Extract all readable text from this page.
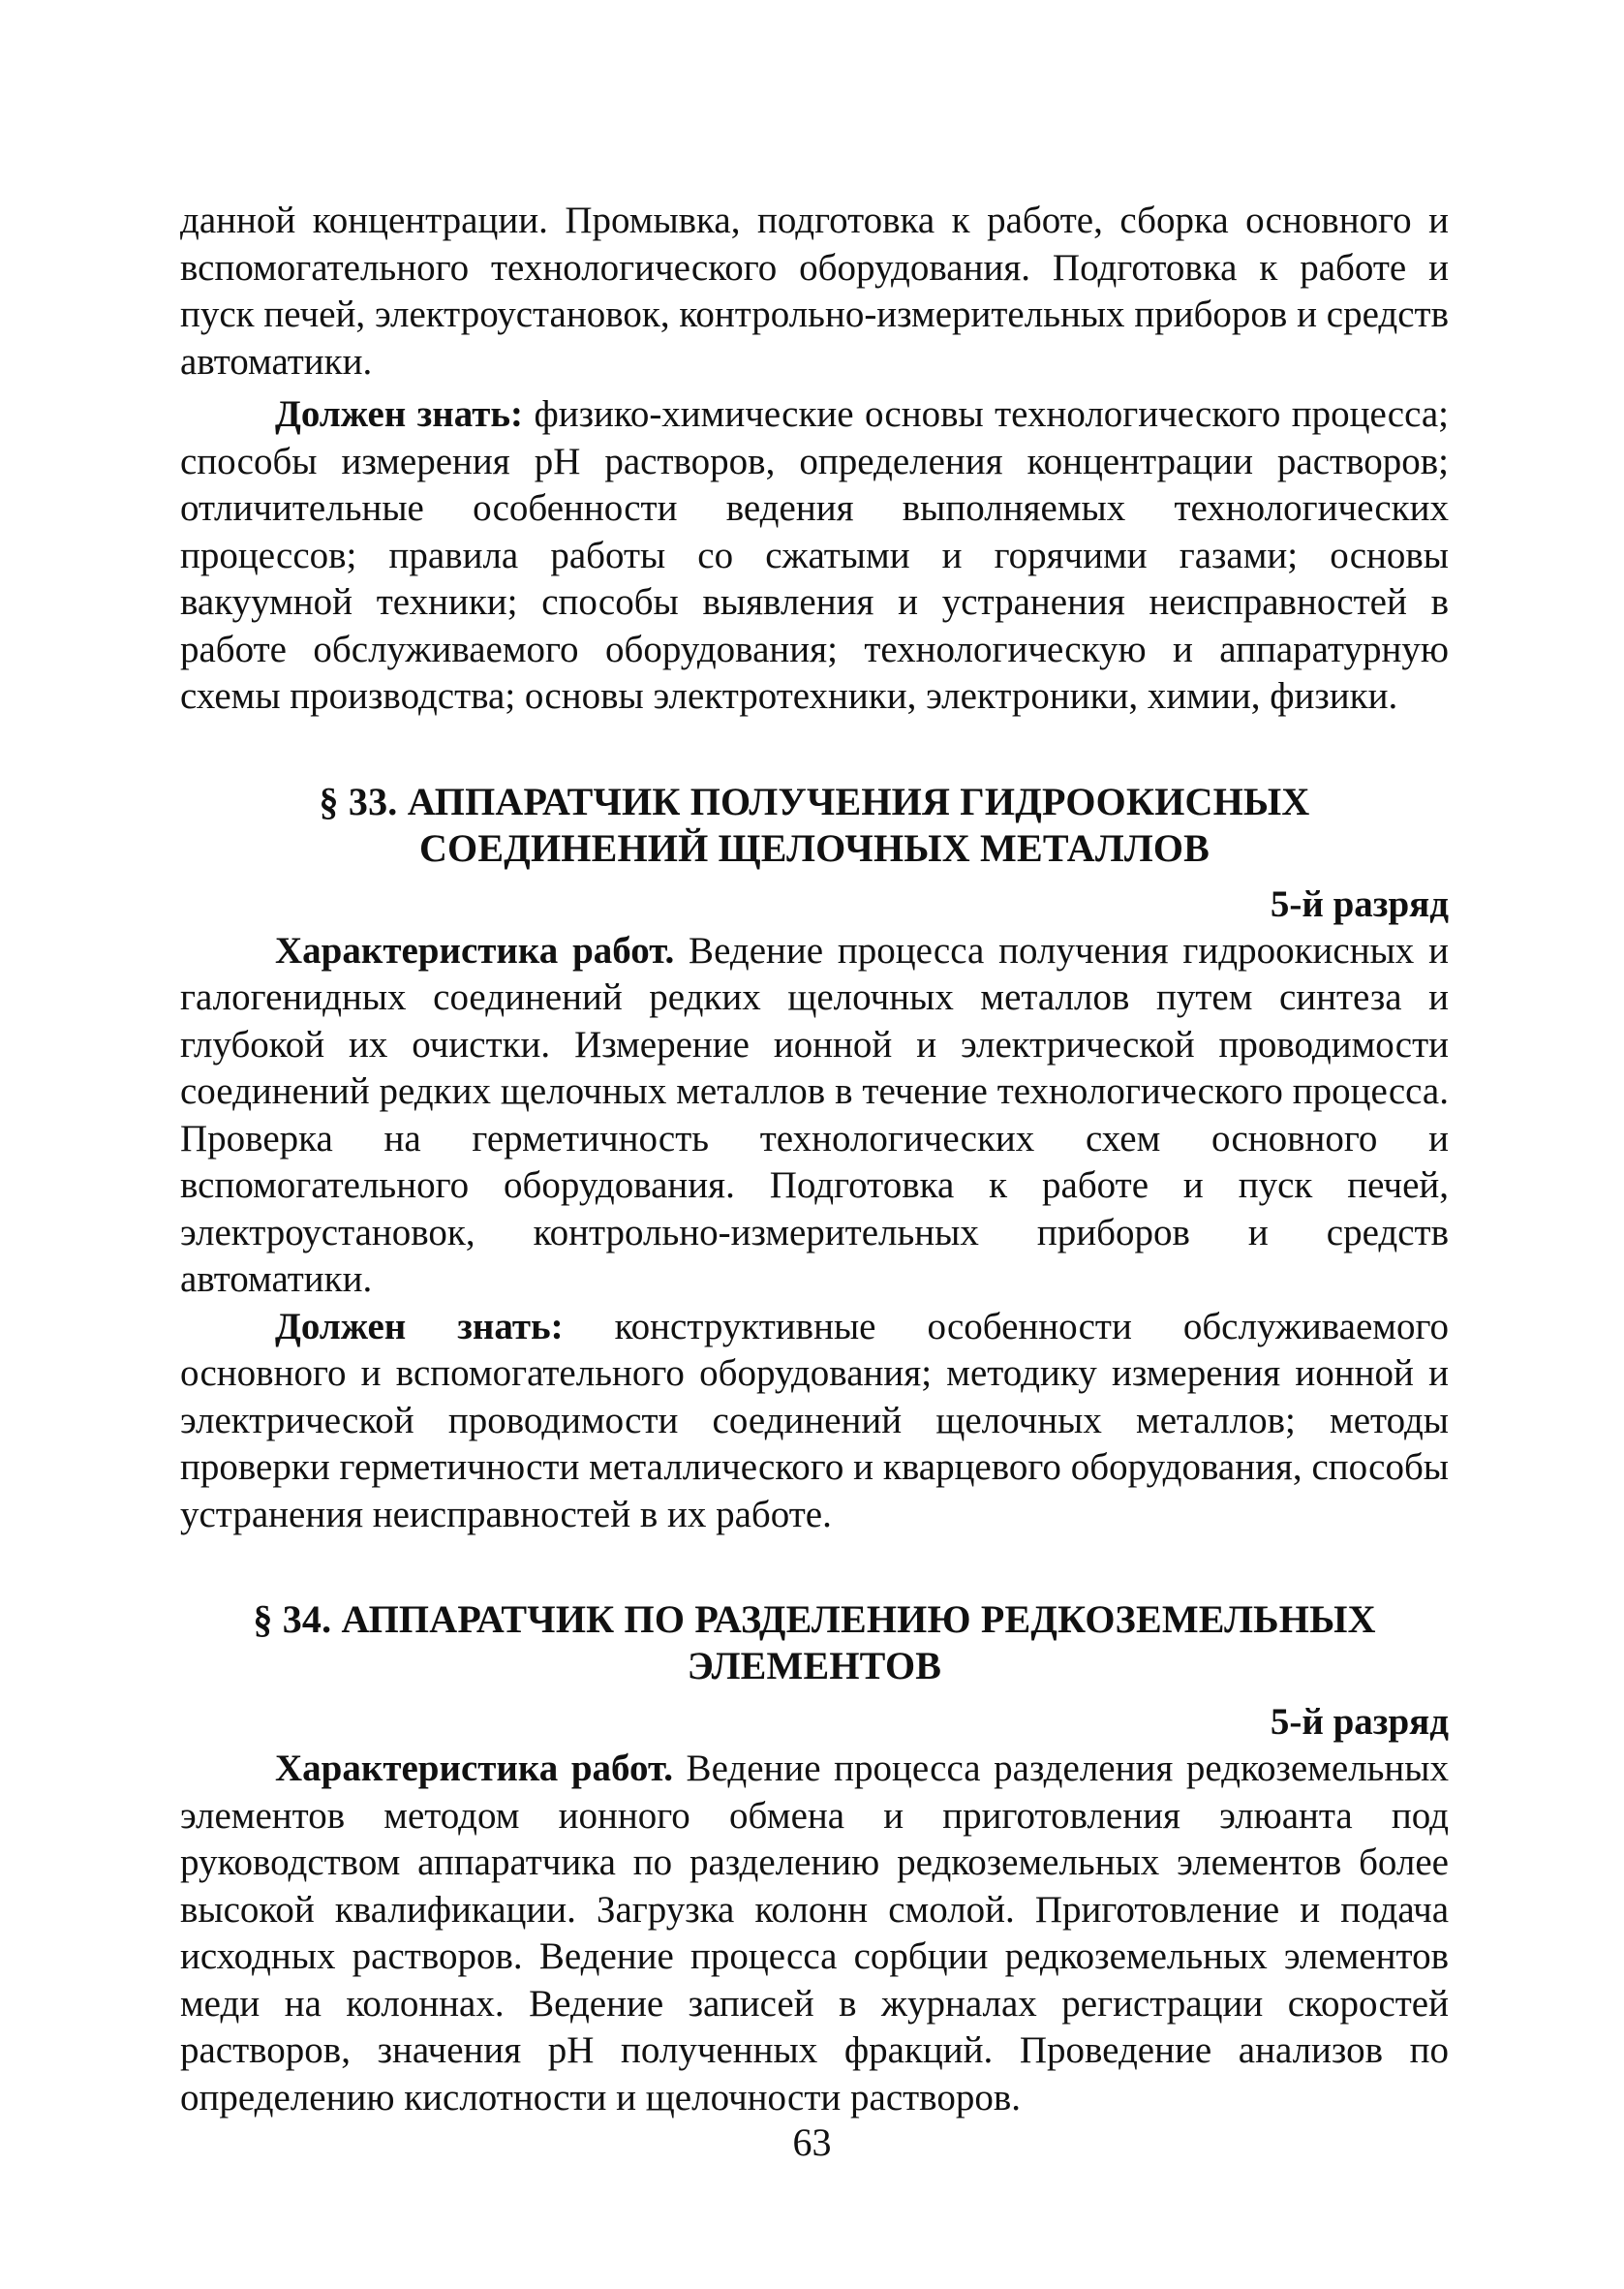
данной концентрации. Промывка, подготовка к работе, сборка основного и вспомогательного технологического оборудования. Подготовка к работе и пуск печей, электроустановок, контрольно-измерительных приборов и средств автоматики.

Должен знать: физико-химические основы технологического процесса; способы измерения pH растворов, определения концентрации растворов; отличительные особенности ведения выполняемых технологических процессов; правила работы со сжатыми и горячими газами; основы вакуумной техники; способы выявления и устранения неисправностей в работе обслуживаемого оборудования; технологическую и аппаратурную схемы производства; основы электротехники, электроники, химии, физики.

§ 33. АППАРАТЧИК ПОЛУЧЕНИЯ ГИДРООКИСНЫХ
СОЕДИНЕНИЙ ЩЕЛОЧНЫХ МЕТАЛЛОВ
5-й разряд

Характеристика работ. Ведение процесса получения гидроокисных и галогенидных соединений редких щелочных металлов путем синтеза и глубокой их очистки. Измерение ионной и электрической проводимости соединений редких щелочных металлов в течение технологического процесса. Проверка на герметичность технологических схем основного и вспомогательного оборудования. Подготовка к работе и пуск печей, электроустановок, контрольно-измерительных приборов и средств автоматики.

Должен знать: конструктивные особенности обслуживаемого основного и вспомогательного оборудования; методику измерения ионной и электрической проводимости соединений щелочных металлов; методы проверки герметичности металлического и кварцевого оборудования, способы устранения неисправностей в их работе.

§ 34. АППАРАТЧИК ПО РАЗДЕЛЕНИЮ РЕДКОЗЕМЕЛЬНЫХ
ЭЛЕМЕНТОВ
5-й разряд

Характеристика работ. Ведение процесса разделения редкоземельных элементов методом ионного обмена и приготовления элюанта под руководством аппаратчика по разделению редкоземельных элементов более высокой квалификации. Загрузка колонн смолой. Приготовление и подача исходных растворов. Ведение процесса сорбции редкоземельных элементов меди на колоннах. Ведение записей в журналах регистрации скоростей растворов, значения pH полученных фракций. Проведение анализов по определению кислотности и щелочности растворов.

63
